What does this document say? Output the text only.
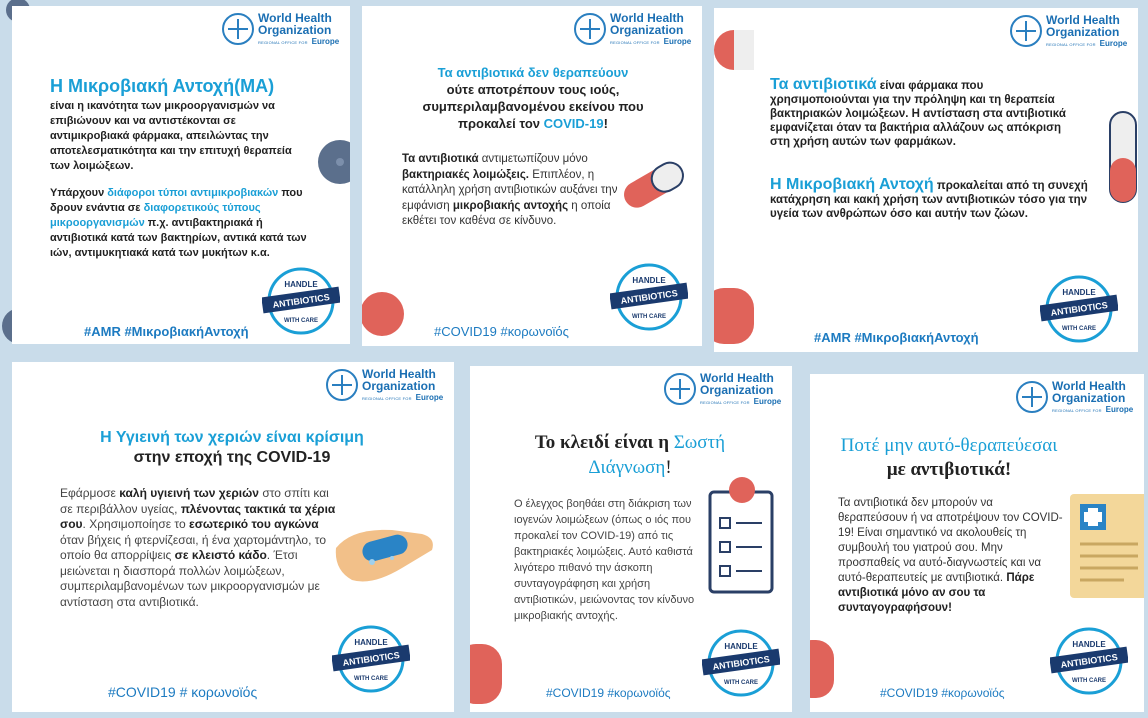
World Health Organization
REGIONAL OFFICE FOR Europe
Η Μικροβιακή Αντοχή(ΜΑ)
είναι η ικανότητα των μικροοργανισμών να επιβιώνουν και να αντιστέκονται σε αντιμικροβιακά φάρμακα, απειλώντας την αποτελεσματικότητα και την επιτυχή θεραπεία των λοιμώξεων.
Υπάρχουν διάφοροι τύποι αντιμικροβιακών που δρουν ενάντια σε διαφορετικούς τύπους μικροοργανισμών π.χ. αντιβακτηριακά ή αντιβιοτικά κατά των βακτηρίων, αντικά κατά των ιών, αντιμυκητιακά κατά των μυκήτων κ.α.
HANDLE
ANTIBIOTICS
WITH CARE
#AMR #ΜικροβιακήΑντοχή
World Health Organization
REGIONAL OFFICE FOR Europe
Τα αντιβιοτικά δεν θεραπεύουν
ούτε αποτρέπουν τους ιούς, συμπεριλαμβανομένου εκείνου που προκαλεί τον COVID-19!
Τα αντιβιοτικά αντιμετωπίζουν μόνο βακτηριακές λοιμώξεις. Επιπλέον, η κατάλληλη χρήση αντιβιοτικών αυξάνει την εμφάνιση μικροβιακής αντοχής η οποία εκθέτει τον καθένα σε κίνδυνο.
HANDLE
ANTIBIOTICS
WITH CARE
#COVID19 #κορωνοϊός
World Health Organization
REGIONAL OFFICE FOR Europe
Τα αντιβιοτικά είναι φάρμακα που χρησιμοποιούνται για την πρόληψη και τη θεραπεία βακτηριακών λοιμώξεων. Η αντίσταση στα αντιβιοτικά εμφανίζεται όταν τα βακτήρια αλλάζουν ως απόκριση στη χρήση αυτών των φαρμάκων.
Η Μικροβιακή Αντοχή προκαλείται από τη συνεχή κατάχρηση και κακή χρήση των αντιβιοτικών τόσο για την υγεία των ανθρώπων όσο και αυτήν των ζώων.
HANDLE
ANTIBIOTICS
WITH CARE
#AMR #ΜικροβιακήΑντοχή
World Health Organization
REGIONAL OFFICE FOR Europe
Η Υγιεινή των χεριών είναι κρίσιμη
στην εποχή της COVID-19
Εφάρμοσε καλή υγιεινή των χεριών στο σπίτι και σε περιβάλλον υγείας, πλένοντας τακτικά τα χέρια σου. Χρησιμοποίησε το εσωτερικό του αγκώνα όταν βήχεις ή φτερνίζεσαι, ή ένα χαρτομάντηλο, το οποίο θα απορρίψεις σε κλειστό κάδο. Έτσι μειώνεται η διασπορά πολλών λοιμώξεων, συμπεριλαμβανομένων των μικροοργανισμών με αντίσταση στα αντιβιοτικά.
HANDLE
ANTIBIOTICS
WITH CARE
#COVID19 # κορωνοϊός
World Health Organization
REGIONAL OFFICE FOR Europe
Το κλειδί είναι η Σωστή Διάγνωση!
Ο έλεγχος βοηθάει στη διάκριση των ιογενών λοιμώξεων (όπως ο ιός που προκαλεί τον COVID-19) από τις βακτηριακές λοιμώξεις. Αυτό καθιστά λιγότερο πιθανό την άσκοπη συνταγογράφηση και χρήση αντιβιοτικών, μειώνοντας τον κίνδυνο μικροβιακής αντοχής.
HANDLE
ANTIBIOTICS
WITH CARE
#COVID19 #κορωνοϊός
World Health Organization
REGIONAL OFFICE FOR Europe
Ποτέ μην αυτό-θεραπεύεσαι
με αντιβιοτικά!
Τα αντιβιοτικά δεν μπορούν να θεραπεύσουν ή να αποτρέψουν τον COVID-19! Είναι σημαντικό να ακολουθείς τη συμβουλή του γιατρού σου. Μην προσπαθείς να αυτό-διαγνωστείς και να αυτό-θεραπευτείς με αντιβιοτικά. Πάρε αντιβιοτικά μόνο αν σου τα συνταγογραφήσουν!
HANDLE
ANTIBIOTICS
WITH CARE
#COVID19 #κορωνοϊός
